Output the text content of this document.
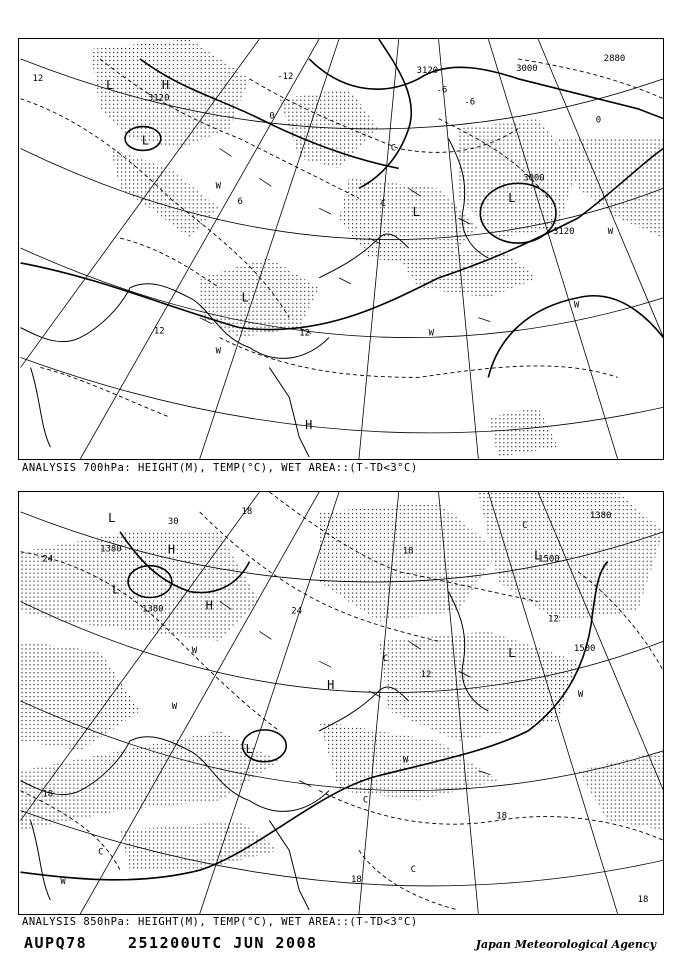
3120
3000
3000
2880
3120
3120
12
-6
0
-6
-12
12	12
6
0
L	H
L
L
L
L
H
C
C
W
W
W
W
W
ANALYSIS 700hPa: HEIGHT(M), TEMP(°C), WET AREA::(T-TD<3°C)
1380
1380
1380
1500
1500
24
30
18
18
12
24
18
18
12
18
18
L
H
L
H
L
H
L
L
W
W
W
C
C
C
W
C
C
W
ANALYSIS 850hPa: HEIGHT(M), TEMP(°C), WET AREA::(T-TD<3°C)
AUPQ78	251200UTC JUN 2008	Japan Meteorological Agency
